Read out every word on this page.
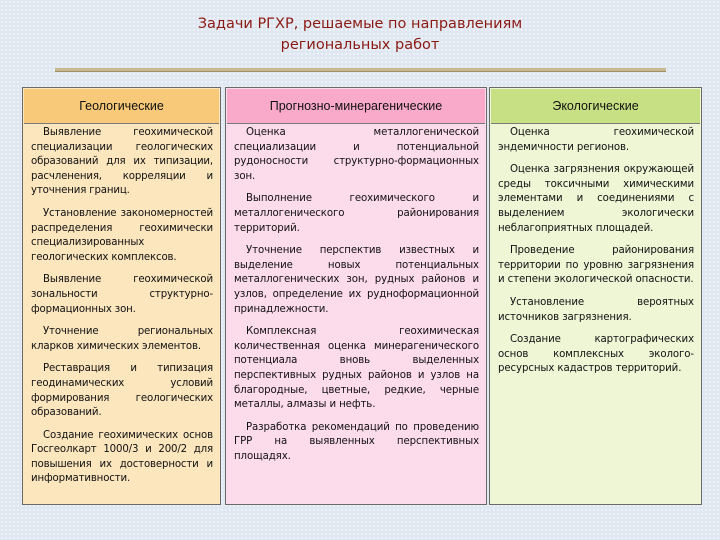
Задачи РГХР, решаемые по направлениям
региональных работ
Геологические

Выявление геохимической специализации геологических образований для их типизации, расчленения, корреляции и уточнения границ.

Установление закономерностей распределения геохимически специализированных геологических комплексов.

Выявление геохимической зональности структурно-формационных зон.

Уточнение региональных кларков химических элементов.

Реставрация и типизация геодинамических условий формирования геологических образований.

Создание геохимических основ Госгеолкарт 1000/3 и 200/2 для повышения их достоверности и информативности.

Прогнозно-минерагенические

Оценка металлогенической специализации и потенциальной рудоносности структурно-формационных зон.

Выполнение геохимического и металлогенического районирования территорий.

Уточнение перспектив известных и выделение новых потенциальных металлогенических зон, рудных районов и узлов, определение их рудноформационной принадлежности.

Комплексная геохимическая количественная оценка минерагенического потенциала вновь выделенных перспективных рудных районов и узлов на благородные, цветные, редкие, черные металлы, алмазы и нефть.

Разработка рекомендаций по проведению ГРР на выявленных перспективных площадях.

Экологические

Оценка геохимической эндемичности регионов.

Оценка загрязнения окружающей среды токсичными химическими элементами и соединениями с выделением экологически неблагоприятных площадей.

Проведение районирования территории по уровню загрязнения и степени экологической опасности.

Установление вероятных источников загрязнения.

Создание картографических основ комплексных эколого-ресурсных кадастров территорий.
